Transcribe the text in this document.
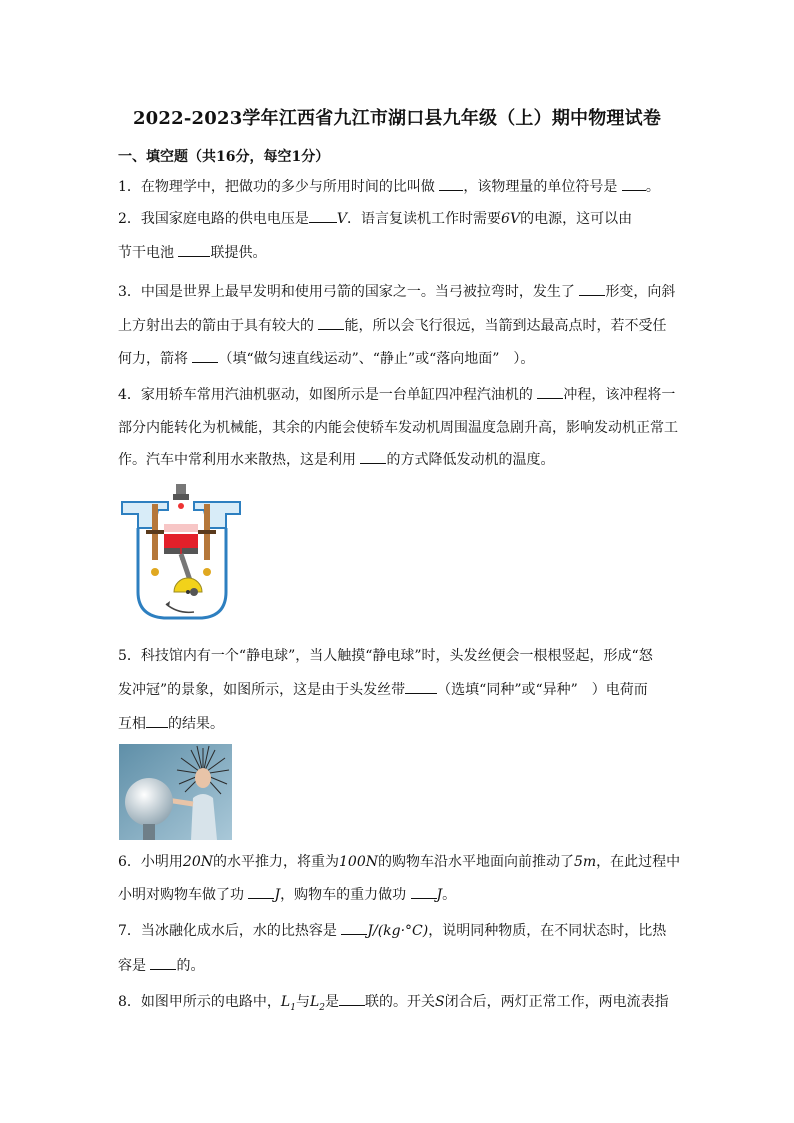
2022-2023学年江西省九江市湖口县九年级（上）期中物理试卷
一、填空题（共16分，每空1分）
1．在物理学中，把做功的多少与所用时间的比叫做 ，该物理量的单位符号是 。
2．我国家庭电路的供电电压是 V．语言复读机工作时需要6V的电源，这可以由
节干电池	联提供。
3．中国是世界上最早发明和使用弓箭的国家之一。当弓被拉弯时，发生了 形变，向斜
上方射出去的箭由于具有较大的 能，所以会飞行很远，当箭到达最高点时，若不受任
何力，箭将 （填“做匀速直线运动”、“静止”或“落向地面”　）。
4．家用轿车常用汽油机驱动，如图所示是一台单缸四冲程汽油机的 冲程，该冲程将一
部分内能转化为机械能，其余的内能会使轿车发动机周围温度急剧升高，影响发动机正常工
作。汽车中常利用水来散热，这是利用 的方式降低发动机的温度。
5．科技馆内有一个“静电球”，当人触摸“静电球”时，头发丝便会一根根竖起，形成“怒
发冲冠”的景象，如图所示，这是由于头发丝带 （选填“同种”或“异种”　）电荷而
互相 的结果。
6．小明用20N的水平推力，将重为100N的购物车沿水平地面向前推动了5m，在此过程中
小明对购物车做了功 J，购物车的重力做功 J。
7．当冰融化成水后，水的比热容是 J/(kg·°C)，说明同种物质，在不同状态时，比热
容是 的。
8．如图甲所示的电路中，$L_1$与$L_2$是 联的。开关S闭合后，两灯正常工作，两电流表指
